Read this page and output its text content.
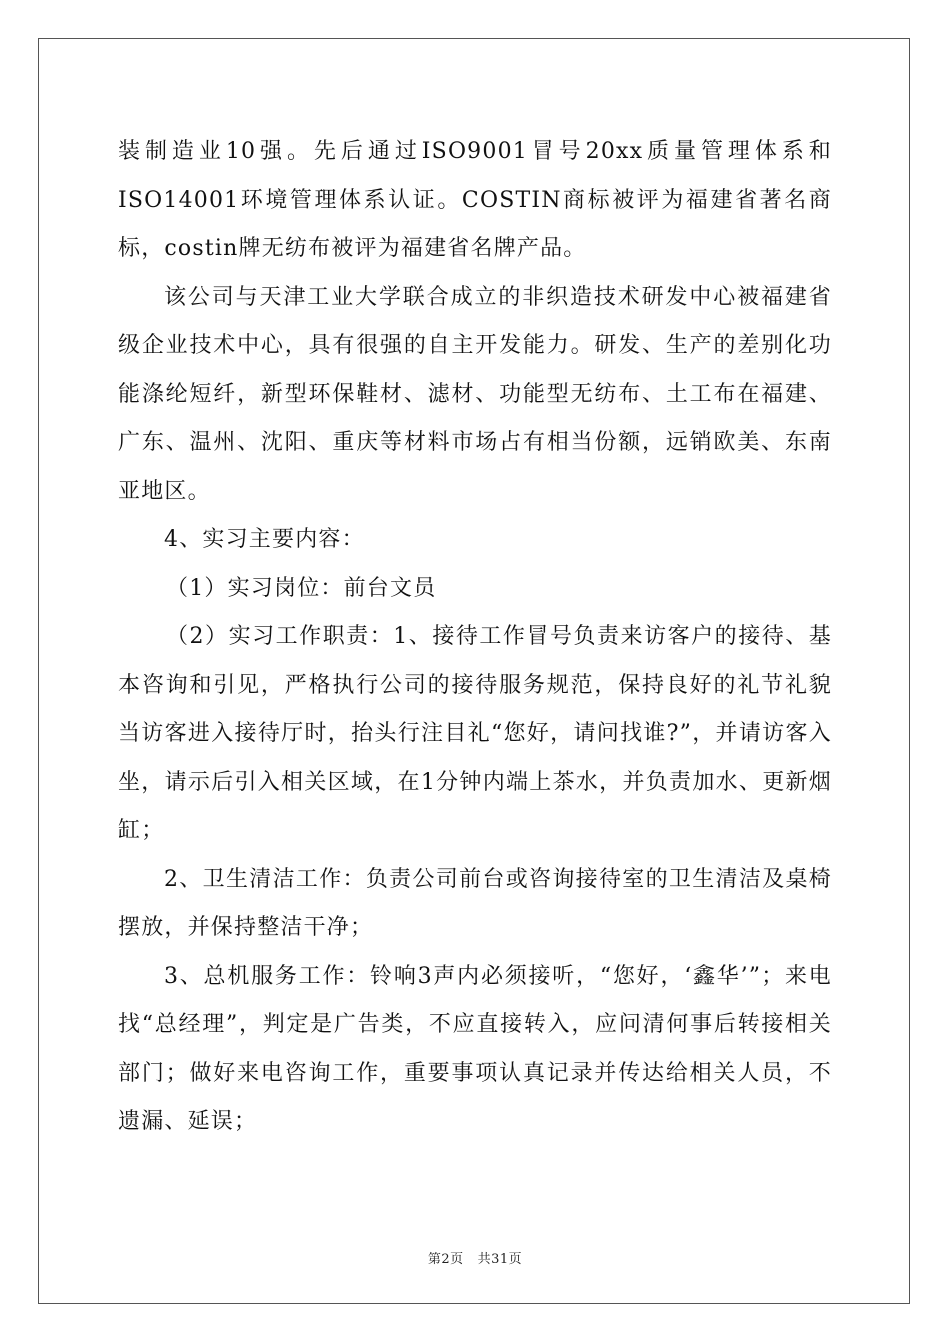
装制造业10强。先后通过ISO9001冒号20xx质量管理体系和ISO14001环境管理体系认证。COSTIN商标被评为福建省著名商标，costin牌无纺布被评为福建省名牌产品。

该公司与天津工业大学联合成立的非织造技术研发中心被福建省级企业技术中心，具有很强的自主开发能力。研发、生产的差别化功能涤纶短纤，新型环保鞋材、滤材、功能型无纺布、土工布在福建、广东、温州、沈阳、重庆等材料市场占有相当份额，远销欧美、东南亚地区。

4、实习主要内容：

（1）实习岗位：前台文员

（2）实习工作职责：1、接待工作冒号负责来访客户的接待、基本咨询和引见，严格执行公司的接待服务规范，保持良好的礼节礼貌当访客进入接待厅时，抬头行注目礼“您好，请问找谁?”，并请访客入坐，请示后引入相关区域，在1分钟内端上茶水，并负责加水、更新烟缸；

2、卫生清洁工作：负责公司前台或咨询接待室的卫生清洁及桌椅摆放，并保持整洁干净；

3、总机服务工作：铃响3声内必须接听，“您好，‘鑫华’”；来电找“总经理”，判定是广告类，不应直接转入，应问清何事后转接相关部门；做好来电咨询工作，重要事项认真记录并传达给相关人员，不遗漏、延误；

第2页 共31页
